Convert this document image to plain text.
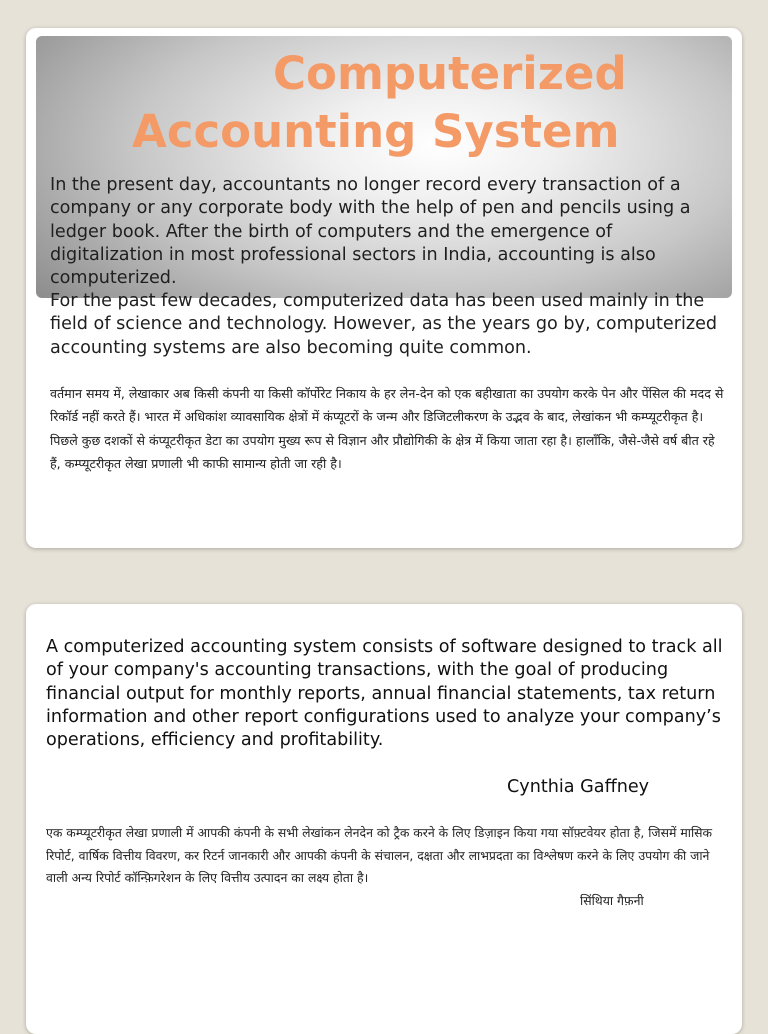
Computerized
Accounting System

In the present day, accountants no longer record every transaction of a company or any corporate body with the help of pen and pencils using a ledger book. After the birth of computers and the emergence of digitalization in most professional sectors in India, accounting is also computerized.

For the past few decades, computerized data has been used mainly in the field of science and technology. However, as the years go by, computerized accounting systems are also becoming quite common.

वर्तमान समय में, लेखाकार अब किसी कंपनी या किसी कॉर्पोरेट निकाय के हर लेन-देन को एक बहीखाता का उपयोग करके पेन और पेंसिल की मदद से रिकॉर्ड नहीं करते हैं। भारत में अधिकांश व्यावसायिक क्षेत्रों में कंप्यूटरों के जन्म और डिजिटलीकरण के उद्भव के बाद, लेखांकन भी कम्प्यूटरीकृत है। पिछले कुछ दशकों से कंप्यूटरीकृत डेटा का उपयोग मुख्य रूप से विज्ञान और प्रौद्योगिकी के क्षेत्र में किया जाता रहा है। हालाँकि, जैसे-जैसे वर्ष बीत रहे हैं, कम्प्यूटरीकृत लेखा प्रणाली भी काफी सामान्य होती जा रही है।

A computerized accounting system consists of software designed to track all of your company's accounting transactions, with the goal of producing financial output for monthly reports, annual financial statements, tax return information and other report configurations used to analyze your company’s operations, efficiency and profitability.

Cynthia Gaffney

एक कम्प्यूटरीकृत लेखा प्रणाली में आपकी कंपनी के सभी लेखांकन लेनदेन को ट्रैक करने के लिए डिज़ाइन किया गया सॉफ़्टवेयर होता है, जिसमें मासिक रिपोर्ट, वार्षिक वित्तीय विवरण, कर रिटर्न जानकारी और आपकी कंपनी के संचालन, दक्षता और लाभप्रदता का विश्लेषण करने के लिए उपयोग की जाने वाली अन्य रिपोर्ट कॉन्फ़िगरेशन के लिए वित्तीय उत्पादन का लक्ष्य होता है।

सिंथिया गैफ़नी
